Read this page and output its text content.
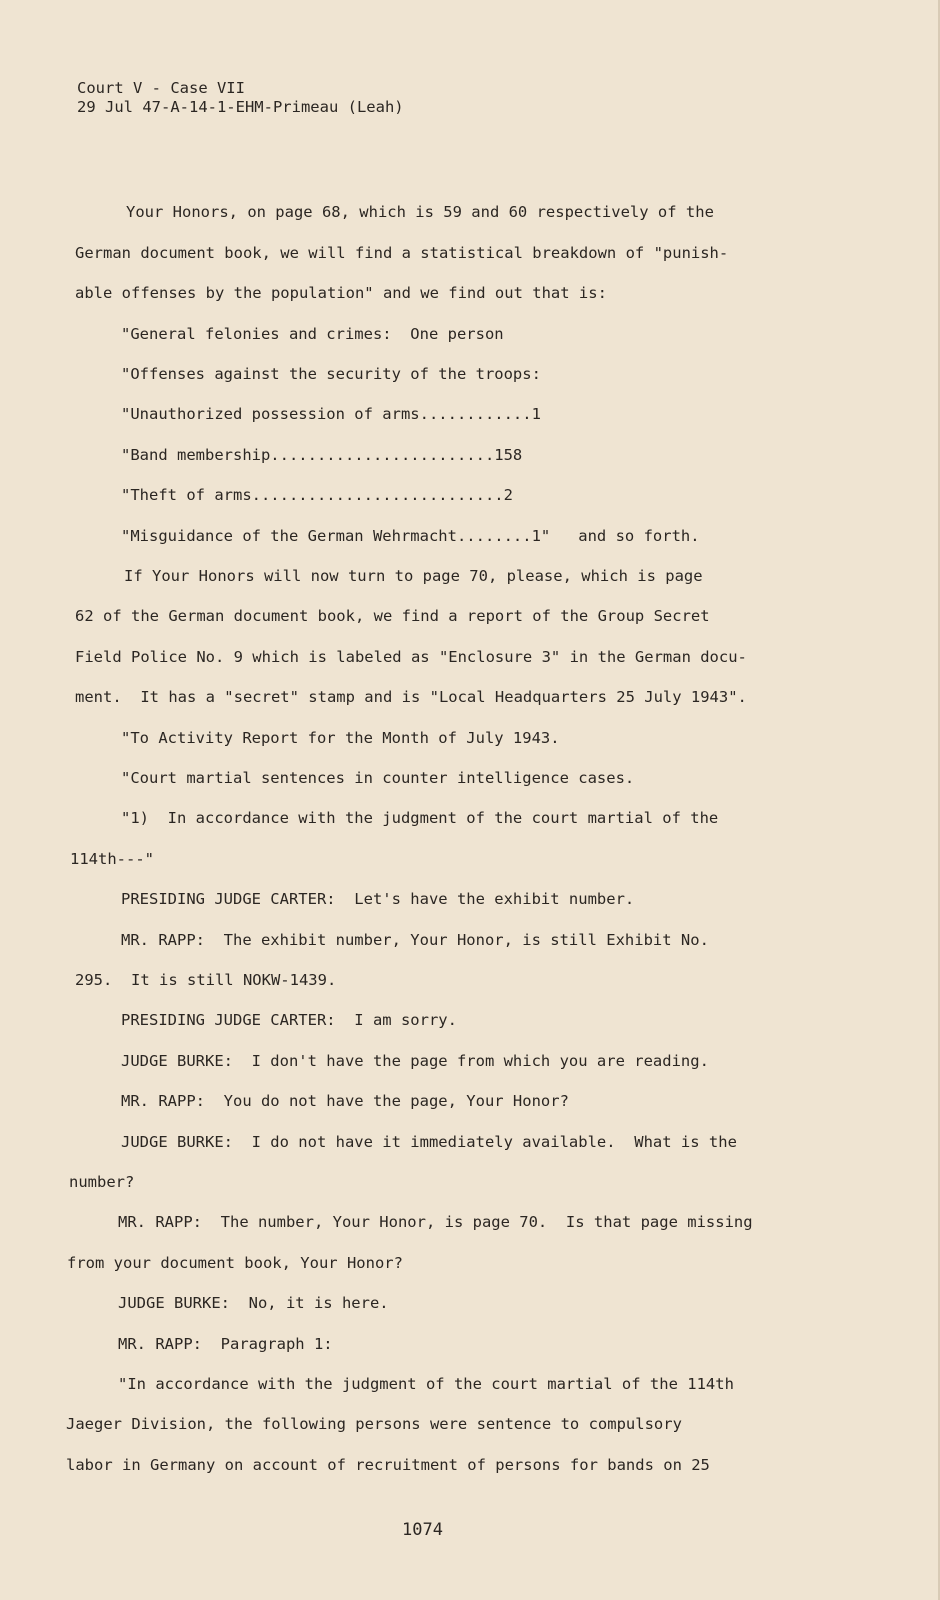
Court V - Case VII
29 Jul 47-A-14-1-EHM-Primeau (Leah)
Your Honors, on page 68, which is 59 and 60 respectively of the
German document book, we will find a statistical breakdown of "punish-
able offenses by the population" and we find out that is:
"General felonies and crimes:  One person
"Offenses against the security of the troops:
"Unauthorized possession of arms............1
"Band membership........................158
"Theft of arms...........................2
"Misguidance of the German Wehrmacht........1"   and so forth.
If Your Honors will now turn to page 70, please, which is page
62 of the German document book, we find a report of the Group Secret
Field Police No. 9 which is labeled as "Enclosure 3" in the German docu-
ment.  It has a "secret" stamp and is "Local Headquarters 25 July 1943".
"To Activity Report for the Month of July 1943.
"Court martial sentences in counter intelligence cases.
"1)  In accordance with the judgment of the court martial of the
114th---"
PRESIDING JUDGE CARTER:  Let's have the exhibit number.
MR. RAPP:  The exhibit number, Your Honor, is still Exhibit No.
295.  It is still NOKW-1439.
PRESIDING JUDGE CARTER:  I am sorry.
JUDGE BURKE:  I don't have the page from which you are reading.
MR. RAPP:  You do not have the page, Your Honor?
JUDGE BURKE:  I do not have it immediately available.  What is the
number?
MR. RAPP:  The number, Your Honor, is page 70.  Is that page missing
from your document book, Your Honor?
JUDGE BURKE:  No, it is here.
MR. RAPP:  Paragraph 1:
"In accordance with the judgment of the court martial of the 114th
Jaeger Division, the following persons were sentence to compulsory
labor in Germany on account of recruitment of persons for bands on 25
1074
